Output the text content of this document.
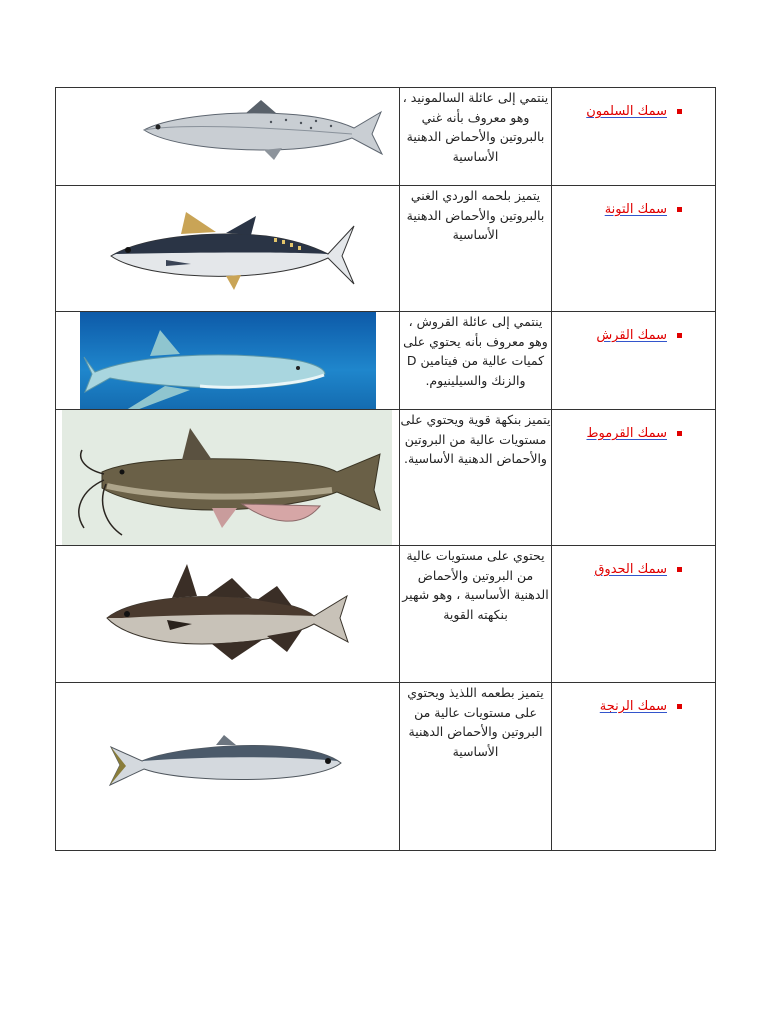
	ينتمي إلى عائلة السالمونيد ، وهو معروف بأنه غني بالبروتين والأحماض الدهنية الأساسية	سمك السلمون

	يتميز بلحمه الوردي الغني بالبروتين والأحماض الدهنية الأساسية	سمك التونة

	ينتمي إلى عائلة القروش ، وهو معروف بأنه يحتوي على كميات عالية من فيتامين D والزنك والسيلينيوم.	سمك القرش

	يتميز بنكهة قوية ويحتوي على مستويات عالية من البروتين والأحماض الدهنية الأساسية.	سمك القرموط

	يحتوي على مستويات عالية من البروتين والأحماض الدهنية الأساسية ، وهو شهير بنكهته القوية	سمك الحدوق

	يتميز بطعمه اللذيذ ويحتوي على مستويات عالية من البروتين والأحماض الدهنية الأساسية	سمك الرنجة
